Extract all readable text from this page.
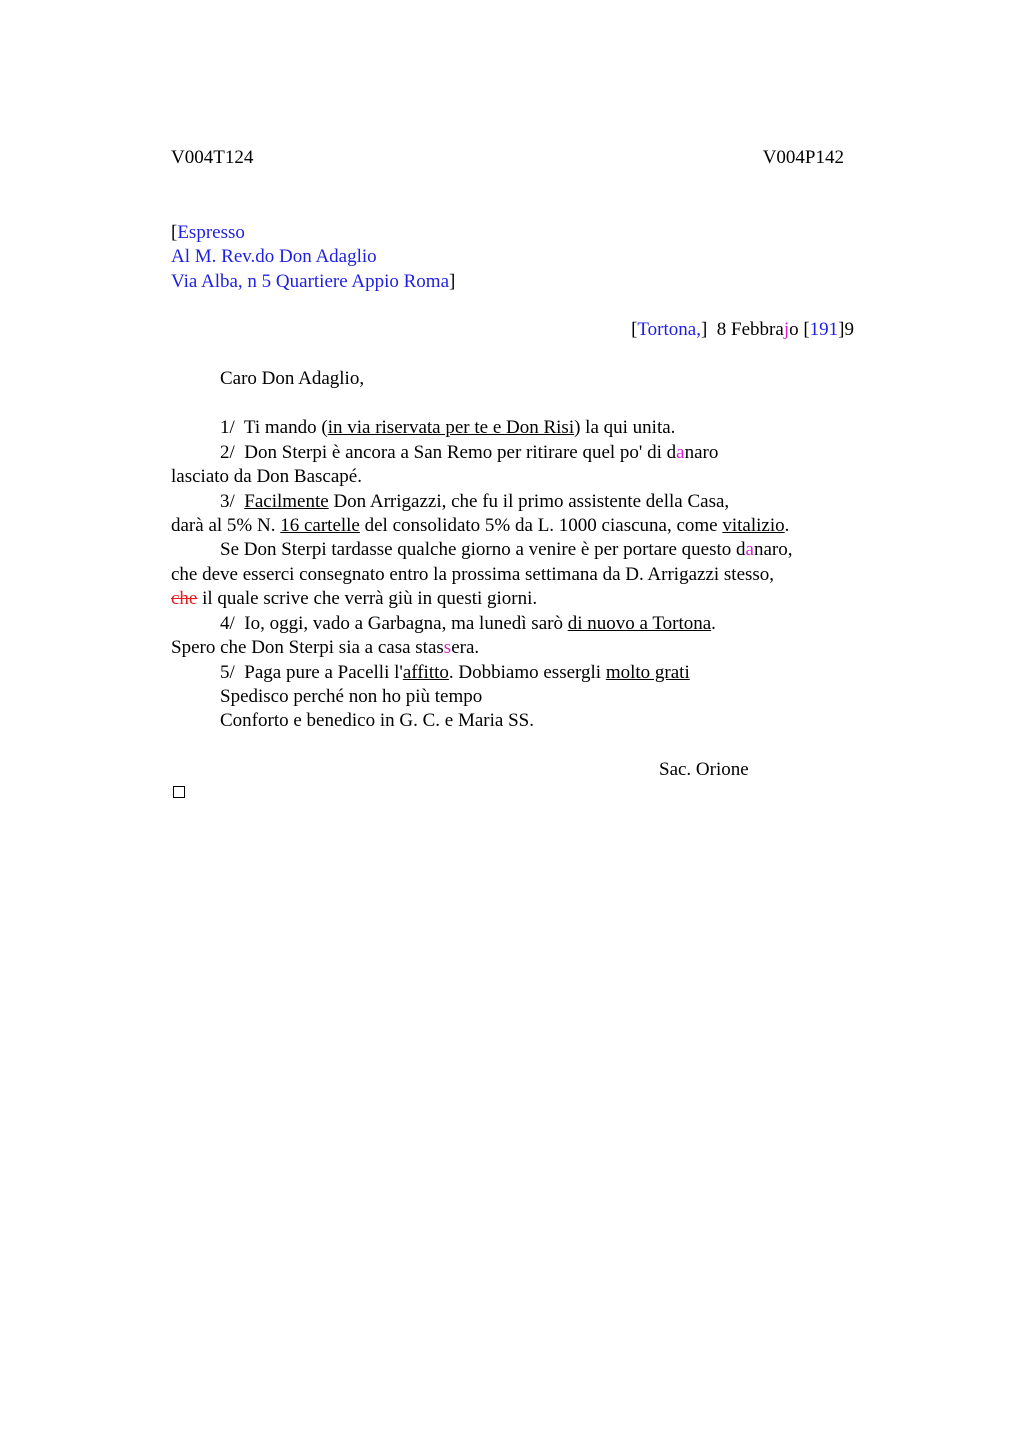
V004T124	V004P142
[Espresso
Al M. Rev.do Don Adaglio
Via Alba, n 5 Quartiere Appio Roma]
[Tortona,]  8 Febbrajo [191]9
Caro Don Adaglio,
1/  Ti mando (in via riservata per te e Don Risi) la qui unita.
2/  Don Sterpi è ancora a San Remo per ritirare quel po' di danaro
lasciato da Don Bascapé.
3/  Facilmente Don Arrigazzi, che fu il primo assistente della Casa,
darà al 5% N. 16 cartelle del consolidato 5% da L. 1000 ciascuna, come vitalizio.
Se Don Sterpi tardasse qualche giorno a venire è per portare questo danaro,
che deve esserci consegnato entro la prossima settimana da D. Arrigazzi stesso,
che il quale scrive che verrà giù in questi giorni.
4/  Io, oggi, vado a Garbagna, ma lunedì sarò di nuovo a Tortona.
Spero che Don Sterpi sia a casa stassera.
5/  Paga pure a Pacelli l'affitto. Dobbiamo essergli molto grati
Spedisco perché non ho più tempo
Conforto e benedico in G. C. e Maria SS.
Sac. Orione
